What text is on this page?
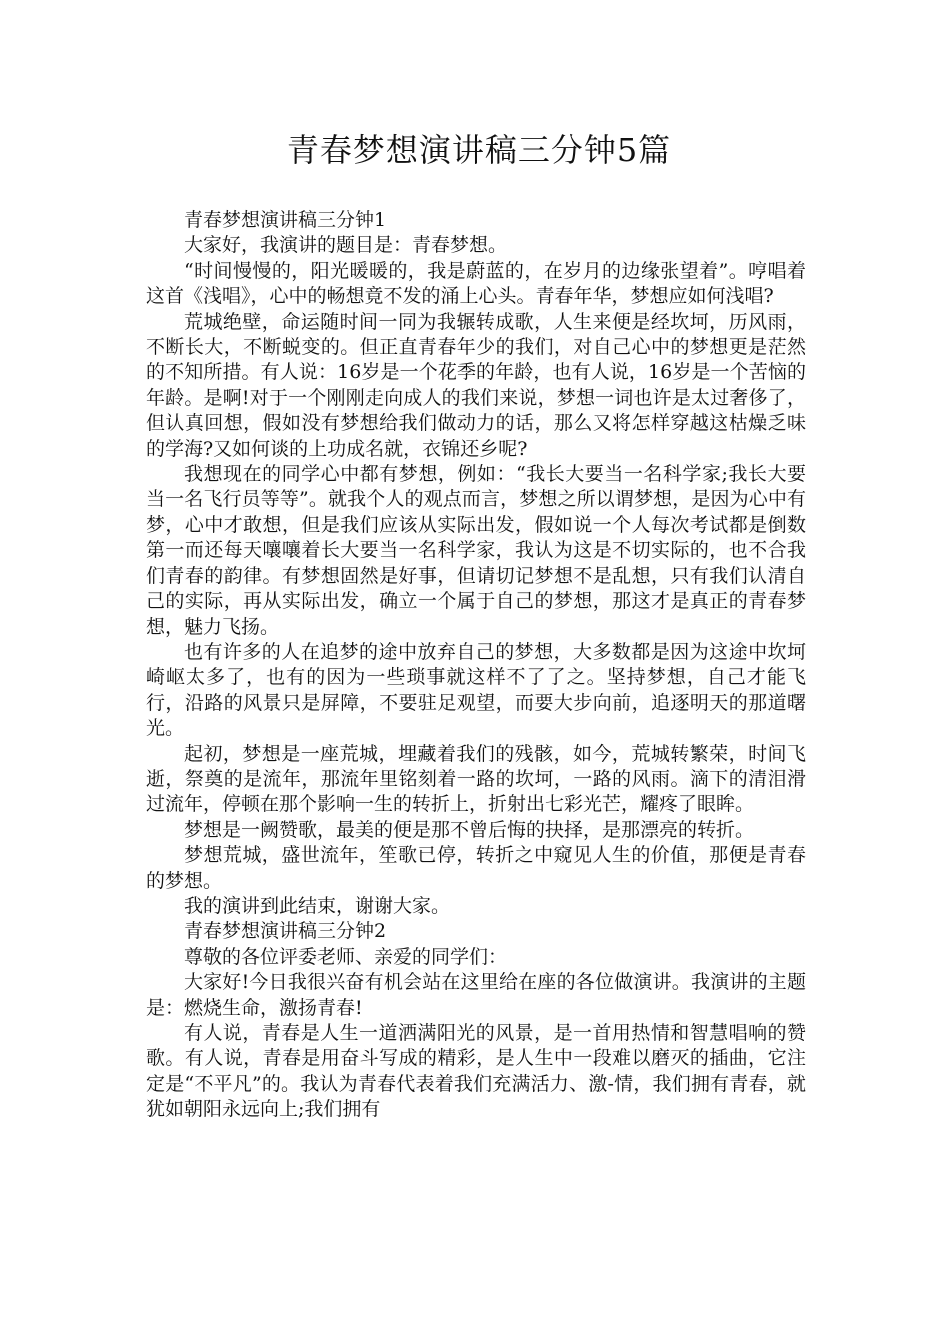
青春梦想演讲稿三分钟5篇

青春梦想演讲稿三分钟1

大家好，我演讲的题目是：青春梦想。

“时间慢慢的，阳光暖暖的，我是蔚蓝的，在岁月的边缘张望着”。哼唱着这首《浅唱》，心中的畅想竟不发的涌上心头。青春年华，梦想应如何浅唱?

荒城绝壁，命运随时间一同为我辗转成歌，人生来便是经坎坷，历风雨，不断长大，不断蜕变的。但正直青春年少的我们，对自己心中的梦想更是茫然的不知所措。有人说：16岁是一个花季的年龄，也有人说，16岁是一个苦恼的年龄。是啊!对于一个刚刚走向成人的我们来说，梦想一词也许是太过奢侈了，但认真回想，假如没有梦想给我们做动力的话，那么又将怎样穿越这枯燥乏味的学海?又如何谈的上功成名就，衣锦还乡呢?

我想现在的同学心中都有梦想，例如：“我长大要当一名科学家;我长大要当一名飞行员等等”。就我个人的观点而言，梦想之所以谓梦想，是因为心中有梦，心中才敢想，但是我们应该从实际出发，假如说一个人每次考试都是倒数第一而还每天嚷嚷着长大要当一名科学家，我认为这是不切实际的，也不合我们青春的韵律。有梦想固然是好事，但请切记梦想不是乱想，只有我们认清自己的实际，再从实际出发，确立一个属于自己的梦想，那这才是真正的青春梦想，魅力飞扬。

也有许多的人在追梦的途中放弃自己的梦想，大多数都是因为这途中坎坷崎岖太多了，也有的因为一些琐事就这样不了了之。坚持梦想，自己才能飞行，沿路的风景只是屏障，不要驻足观望，而要大步向前，追逐明天的那道曙光。

起初，梦想是一座荒城，埋藏着我们的残骸，如今，荒城转繁荣，时间飞逝，祭奠的是流年，那流年里铭刻着一路的坎坷，一路的风雨。滴下的清泪滑过流年，停顿在那个影响一生的转折上，折射出七彩光芒，耀疼了眼眸。

梦想是一阙赞歌，最美的便是那不曾后悔的抉择，是那漂亮的转折。

梦想荒城，盛世流年，笙歌已停，转折之中窥见人生的价值，那便是青春的梦想。

我的演讲到此结束，谢谢大家。

青春梦想演讲稿三分钟2

尊敬的各位评委老师、亲爱的同学们：

大家好!今日我很兴奋有机会站在这里给在座的各位做演讲。我演讲的主题是：燃烧生命，激扬青春!

有人说，青春是人生一道洒满阳光的风景，是一首用热情和智慧唱响的赞歌。有人说，青春是用奋斗写成的精彩，是人生中一段难以磨灭的插曲，它注定是“不平凡”的。我认为青春代表着我们充满活力、激-情，我们拥有青春，就犹如朝阳永远向上;我们拥有
